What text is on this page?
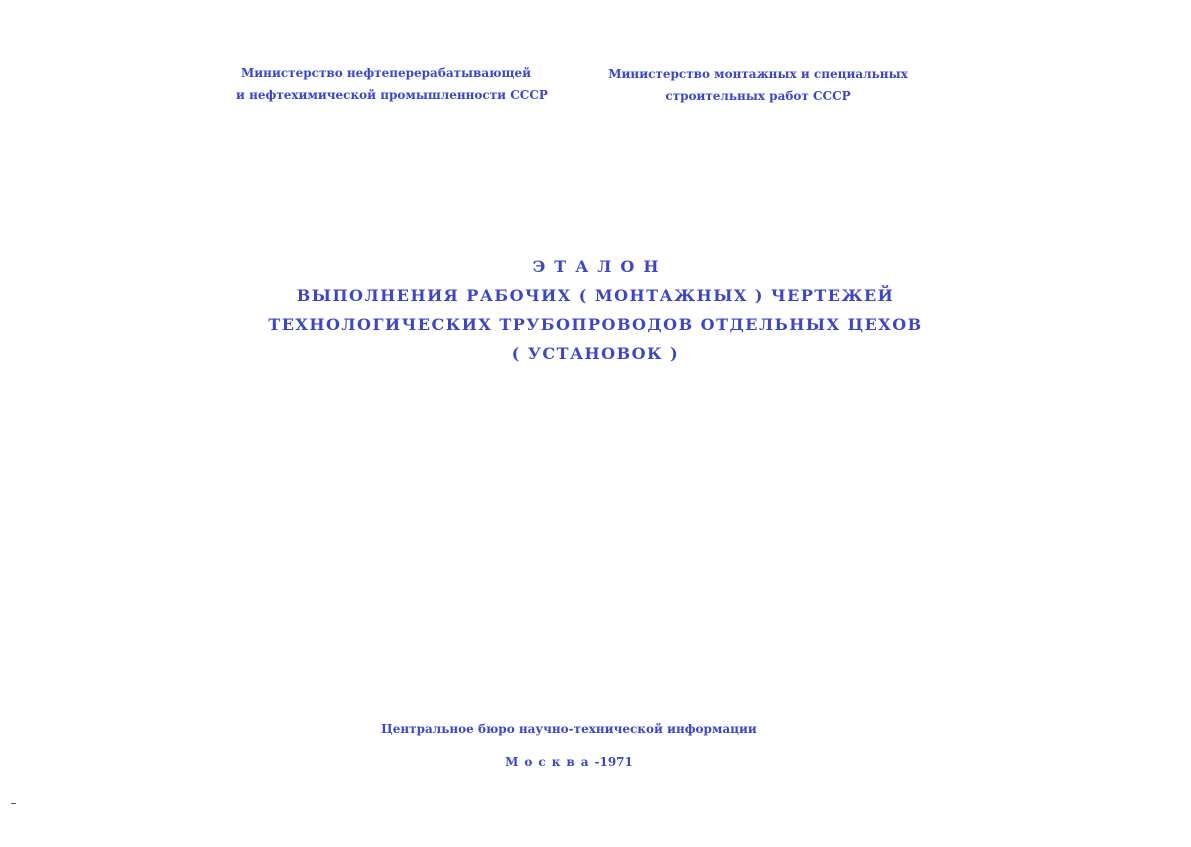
Министерство нефтеперерабатывающей
и нефтехимической промышленности СССР
Министерство монтажных и специальных
строительных работ СССР
ЭТАЛОН
ВЫПОЛНЕНИЯ РАБОЧИХ ( МОНТАЖНЫХ ) ЧЕРТЕЖЕЙ
ТЕХНОЛОГИЧЕСКИХ ТРУБОПРОВОДОВ ОТДЕЛЬНЫХ ЦЕХОВ
( УСТАНОВОК )
Центральное бюро научно-технической информации
Москва-1971
